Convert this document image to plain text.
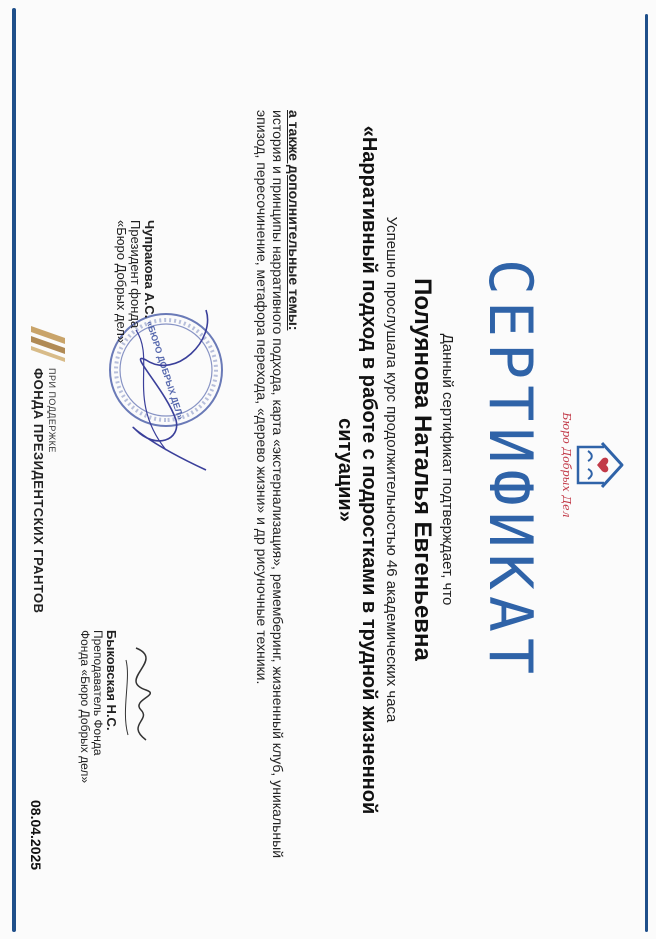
Бюро Добрых Дел
СЕРТИФИКАТ
Данный сертификат подтверждает, что
Полуянова Наталья Евгеньевна
Успешно прослушала курс продолжительностью 46 академических часа
«Нарративный подход в работе с подростками в трудной жизненной ситуации»
а также дополнительные темы:
история и принципы нарративного подхода, карта «экстернализация», ремемберинг, жизненный клуб, уникальный эпизод, пересочинение, метафора перехода, «дерево жизни» и др рисуночные техники.
«БЮРО ДОБРЫХ ДЕЛ»
Чупракова А.С.
Президент фонда
«Бюро Добрых дел»
Быковская Н.С.
Преподаватель Фонда
Фонда «Бюро Добрых дел»
ПРИ ПОДДЕРЖКЕ
ФОНДА ПРЕЗИДЕНТСКИХ ГРАНТОВ
08.04.2025
